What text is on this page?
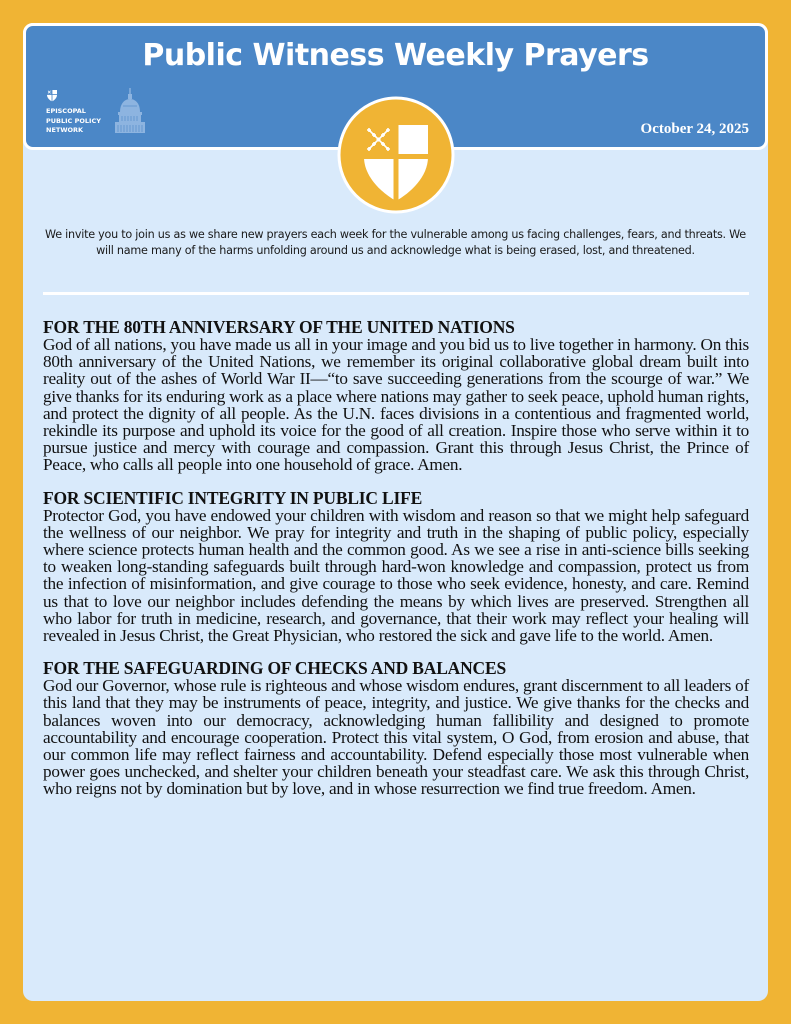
Public Witness Weekly Prayers
EPISCOPAL
PUBLIC POLICY
NETWORK	October 24, 2025
We invite you to join us as we share new prayers each week for the vulnerable among us facing challenges, fears, and threats. We will name many of the harms unfolding around us and acknowledge what is being erased, lost, and threatened.
FOR THE 80TH ANNIVERSARY OF THE UNITED NATIONS
God of all nations, you have made us all in your image and you bid us to live together in harmony. On this 80th anniversary of the United Nations, we remember its original collaborative global dream built into reality out of the ashes of World War II—“to save succeeding generations from the scourge of war.” We give thanks for its enduring work as a place where nations may gather to seek peace, uphold human rights, and protect the dignity of all people. As the U.N. faces divisions in a contentious and fragmented world, rekindle its purpose and uphold its voice for the good of all creation. Inspire those who serve within it to pursue justice and mercy with courage and compassion. Grant this through Jesus Christ, the Prince of Peace, who calls all people into one household of grace. Amen.
FOR SCIENTIFIC INTEGRITY IN PUBLIC LIFE
Protector God, you have endowed your children with wisdom and reason so that we might help safeguard the wellness of our neighbor. We pray for integrity and truth in the shaping of public policy, especially where science protects human health and the common good. As we see a rise in anti-science bills seeking to weaken long-standing safeguards built through hard-won knowledge and compassion, protect us from the infection of misinformation, and give courage to those who seek evidence, honesty, and care. Remind us that to love our neighbor includes defending the means by which lives are preserved. Strengthen all who labor for truth in medicine, research, and governance, that their work may reflect your healing will revealed in Jesus Christ, the Great Physician, who restored the sick and gave life to the world. Amen.
FOR THE SAFEGUARDING OF CHECKS AND BALANCES
God our Governor, whose rule is righteous and whose wisdom endures, grant discernment to all leaders of this land that they may be instruments of peace, integrity, and justice. We give thanks for the checks and balances woven into our democracy, acknowledging human fallibility and designed to promote accountability and encourage cooperation. Protect this vital system, O God, from erosion and abuse, that our common life may reflect fairness and accountability. Defend especially those most vulnerable when power goes unchecked, and shelter your children beneath your steadfast care. We ask this through Christ, who reigns not by domination but by love, and in whose resurrection we find true freedom. Amen.
